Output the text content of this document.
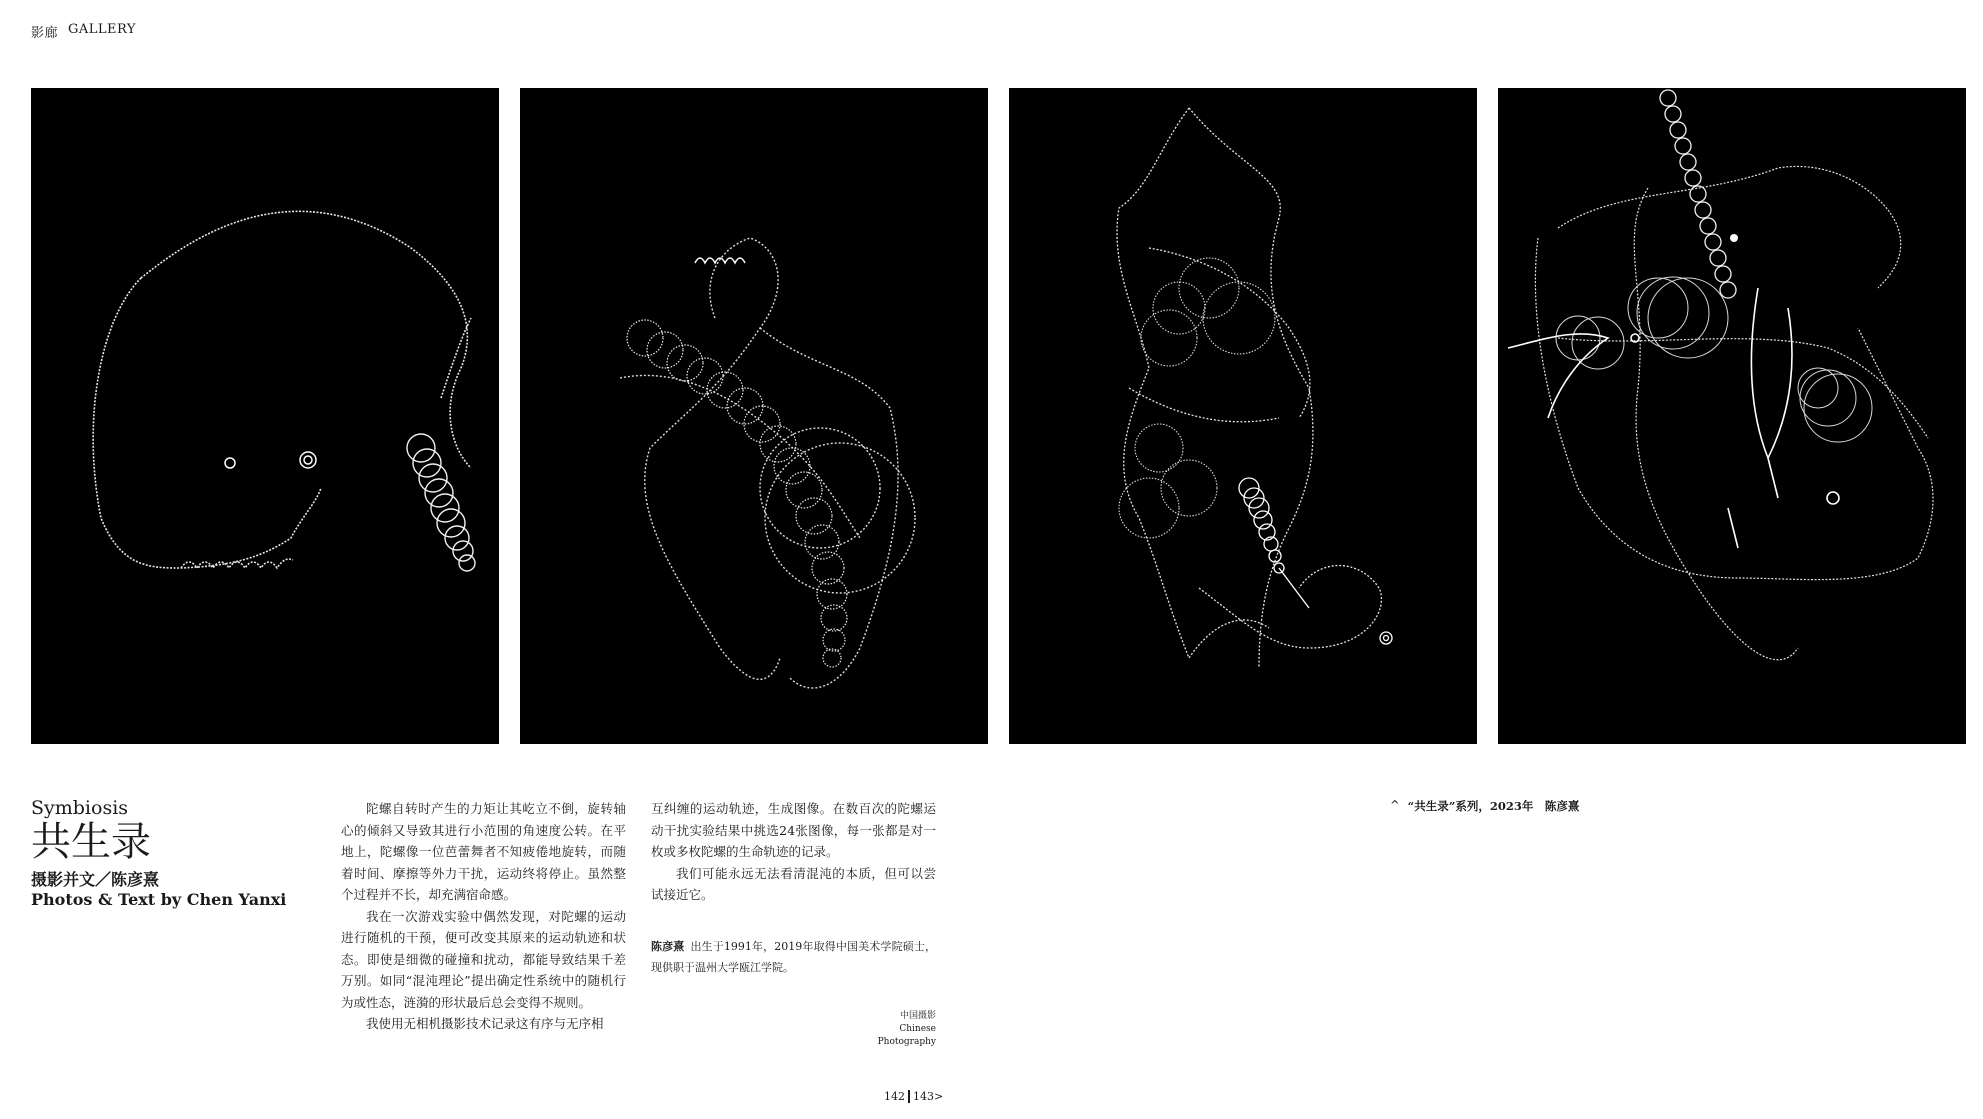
影廊 GALLERY
Symbiosis
共生录
摄影并文／陈彦熹
Photos & Text by Chen Yanxi

陀螺自转时产生的力矩让其屹立不倒，旋转轴心的倾斜又导致其进行小范围的角速度公转。在平地上，陀螺像一位芭蕾舞者不知疲倦地旋转，而随着时间、摩擦等外力干扰，运动终将停止。虽然整个过程并不长，却充满宿命感。

我在一次游戏实验中偶然发现，对陀螺的运动进行随机的干预，便可改变其原来的运动轨迹和状态。即使是细微的碰撞和扰动，都能导致结果千差万别。如同“混沌理论”提出确定性系统中的随机行为或性态，涟漪的形状最后总会变得不规则。

我使用无相机摄影技术记录这有序与无序相

互纠缠的运动轨迹，生成图像。在数百次的陀螺运动干扰实验结果中挑选24张图像，每一张都是对一枚或多枚陀螺的生命轨迹的记录。

我们可能永远无法看清混沌的本质，但可以尝试接近它。

陈彦熹 出生于1991年，2019年取得中国美术学院硕士，现供职于温州大学瓯江学院。

中国摄影
Chinese
Photography
^ “共生录”系列，2023年　陈彦熹
142 143>
